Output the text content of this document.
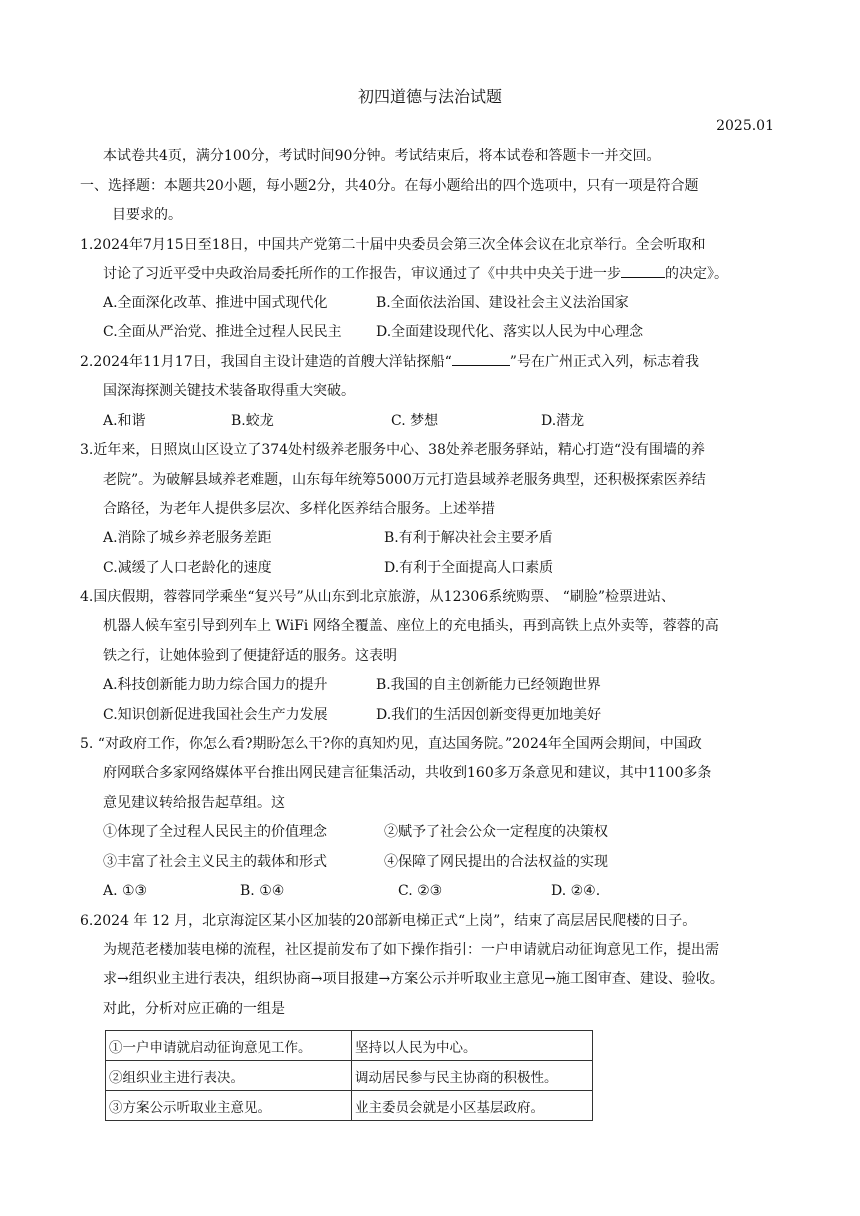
初四道德与法治试题
2025.01
本试卷共4页，满分100分，考试时间90分钟。考试结束后，将本试卷和答题卡一并交回。
一、选择题：本题共20小题，每小题2分，共40分。在每小题给出的四个选项中，只有一项是符合题
目要求的。
1.2024年7月15日至18日，中国共产党第二十届中央委员会第三次全体会议在北京举行。全会听取和
讨论了习近平受中央政治局委托所作的工作报告，审议通过了《中共中央关于进一步	的决定》。
A.全面深化改革、推进中国式现代化	B.全面依法治国、建设社会主义法治国家
C.全面从严治党、推进全过程人民民主 D.全面建设现代化、落实以人民为中心理念
2.2024年11月17日，我国自主设计建造的首艘大洋钻探船“	”号在广州正式入列，标志着我
国深海探测关键技术装备取得重大突破。
A.和谐	B.蛟龙	C. 梦想	D.潜龙
3.近年来，日照岚山区设立了374处村级养老服务中心、38处养老服务驿站，精心打造“没有围墙的养
老院”。为破解县域养老难题，山东每年统筹5000万元打造县域养老服务典型，还积极探索医养结
合路径，为老年人提供多层次、多样化医养结合服务。上述举措
A.消除了城乡养老服务差距	B.有利于解决社会主要矛盾
C.减缓了人口老龄化的速度	D.有利于全面提高人口素质
4.国庆假期，蓉蓉同学乘坐“复兴号”从山东到北京旅游，从12306系统购票、 “刷脸”检票进站、
机器人候车室引导到列车上 WiFi 网络全覆盖、座位上的充电插头，再到高铁上点外卖等，蓉蓉的高
铁之行，让她体验到了便捷舒适的服务。这表明
A.科技创新能力助力综合国力的提升	B.我国的自主创新能力已经领跑世界
C.知识创新促进我国社会生产力发展	D.我们的生活因创新变得更加地美好
5. “对政府工作，你怎么看?期盼怎么干?你的真知灼见，直达国务院。”2024年全国两会期间，中国政
府网联合多家网络媒体平台推出网民建言征集活动，共收到160多万条意见和建议，其中1100多条
意见建议转给报告起草组。这
①体现了全过程人民民主的价值理念	②赋予了社会公众一定程度的决策权
③丰富了社会主义民主的载体和形式	④保障了网民提出的合法权益的实现
A. ①③	B. ①④	C. ②③	D. ②④.
6.2024 年 12 月，北京海淀区某小区加装的20部新电梯正式“上岗”，结束了高层居民爬楼的日子。
为规范老楼加装电梯的流程，社区提前发布了如下操作指引：一户申请就启动征询意见工作，提出需
求→组织业主进行表决，组织协商→项目报建→方案公示并听取业主意见→施工图审查、建设、验收。
对此，分析对应正确的一组是
①一户申请就启动征询意见工作。	坚持以人民为中心。
②组织业主进行表决。	调动居民参与民主协商的积极性。
③方案公示听取业主意见。	业主委员会就是小区基层政府。
